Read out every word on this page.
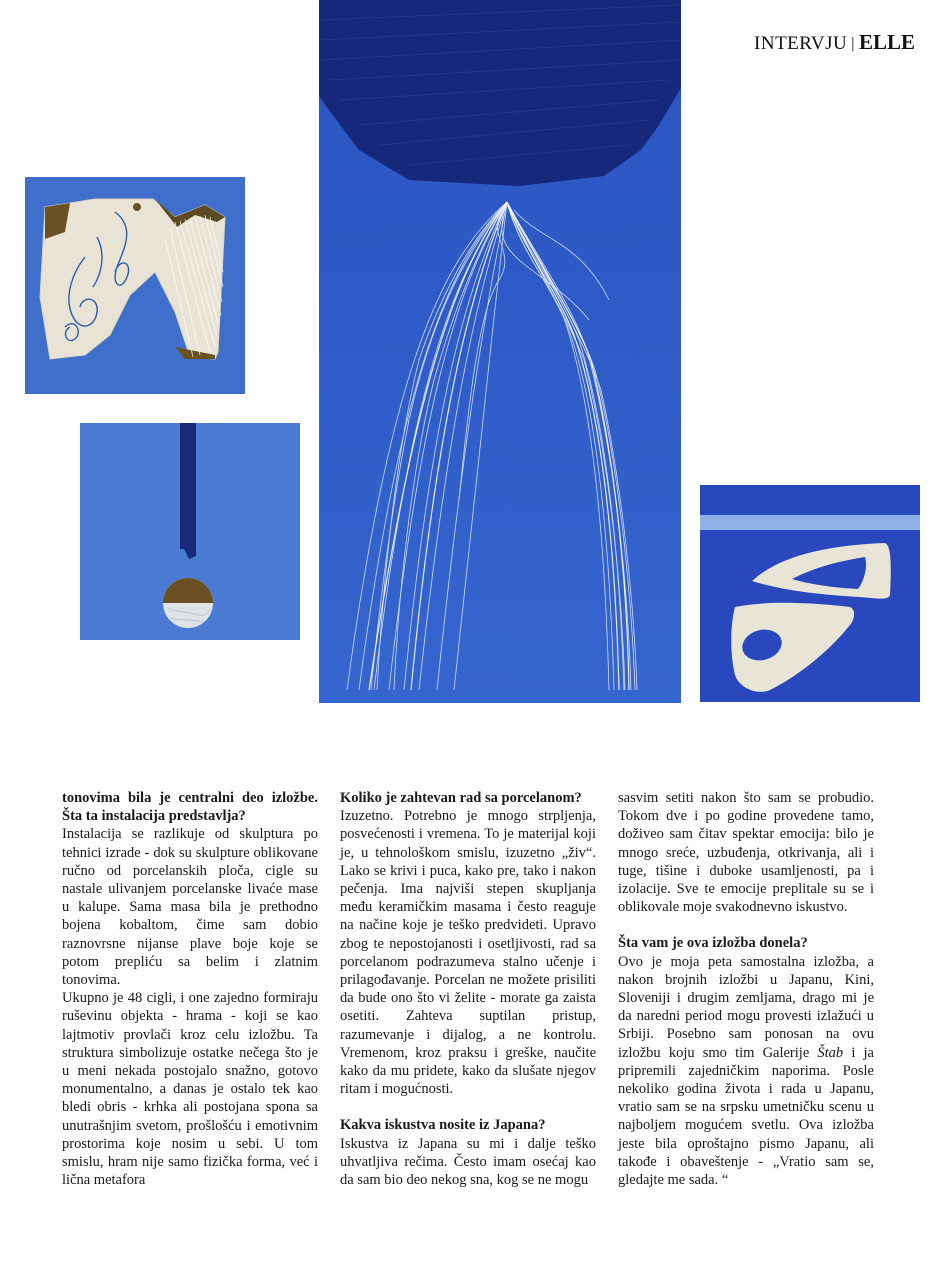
INTERVJU | ELLE

tonovima bila je centralni deo izložbe. Šta ta instalacija predstavlja?

Instalacija se razlikuje od skulptura po tehnici izrade - dok su skulpture oblikovane ručno od porcelanskih ploča, cigle su nastale ulivanjem porcelanske livaće mase u kalupe. Sama masa bila je prethodno bojena kobaltom, čime sam dobio raznovrsne nijanse plave boje koje se potom prepliću sa belim i zlatnim tonovima.

Ukupno je 48 cigli, i one zajedno formiraju ruševinu objekta - hrama - koji se kao lajtmotiv provlači kroz celu izložbu. Ta struktura simbolizuje ostatke nečega što je u meni nekada postojalo snažno, gotovo monumentalno, a danas je ostalo tek kao bledi obris - krhka ali postojana spona sa unutrašnjim svetom, prošlošću i emotivnim prostorima koje nosim u sebi. U tom smislu, hram nije samo fizička forma, već i lična metafora

Koliko je zahtevan rad sa porcelanom?

Izuzetno. Potrebno je mnogo strpljenja, posvećenosti i vremena. To je materijal koji je, u tehnološkom smislu, izuzetno „živ“. Lako se krivi i puca, kako pre, tako i nakon pečenja. Ima najviši stepen skupljanja među keramičkim masama i često reaguje na načine koje je teško predvideti. Upravo zbog te nepostojanosti i osetljivosti, rad sa porcelanom podrazumeva stalno učenje i prilagođavanje. Porcelan ne možete prisiliti da bude ono što vi želite - morate ga zaista osetiti. Zahteva suptilan pristup, razumevanje i dijalog, a ne kontrolu. Vremenom, kroz praksu i greške, naučite kako da mu pridete, kako da slušate njegov ritam i mogućnosti.

Kakva iskustva nosite iz Japana?

Iskustva iz Japana su mi i dalje teško uhvatljiva rečima. Često imam osećaj kao da sam bio deo nekog sna, kog se ne mogu

sasvim setiti nakon što sam se probudio. Tokom dve i po godine provedene tamo, doživeo sam čitav spektar emocija: bilo je mnogo sreće, uzbuđenja, otkrivanja, ali i tuge, tišine i duboke usamljenosti, pa i izolacije. Sve te emocije preplitale su se i oblikovale moje svakodnevno iskustvo.

Šta vam je ova izložba donela?

Ovo je moja peta samostalna izložba, a nakon brojnih izložbi u Japanu, Kini, Sloveniji i drugim zemljama, drago mi je da naredni period mogu provesti izlažući u Srbiji. Posebno sam ponosan na ovu izložbu koju smo tim Galerije Štab i ja pripremili zajedničkim naporima. Posle nekoliko godina života i rada u Japanu, vratio sam se na srpsku umetničku scenu u najboljem mogućem svetlu. Ova izložba jeste bila oproštajno pismo Japanu, ali takođe i obaveštenje - „Vratio sam se, gledajte me sada. “
